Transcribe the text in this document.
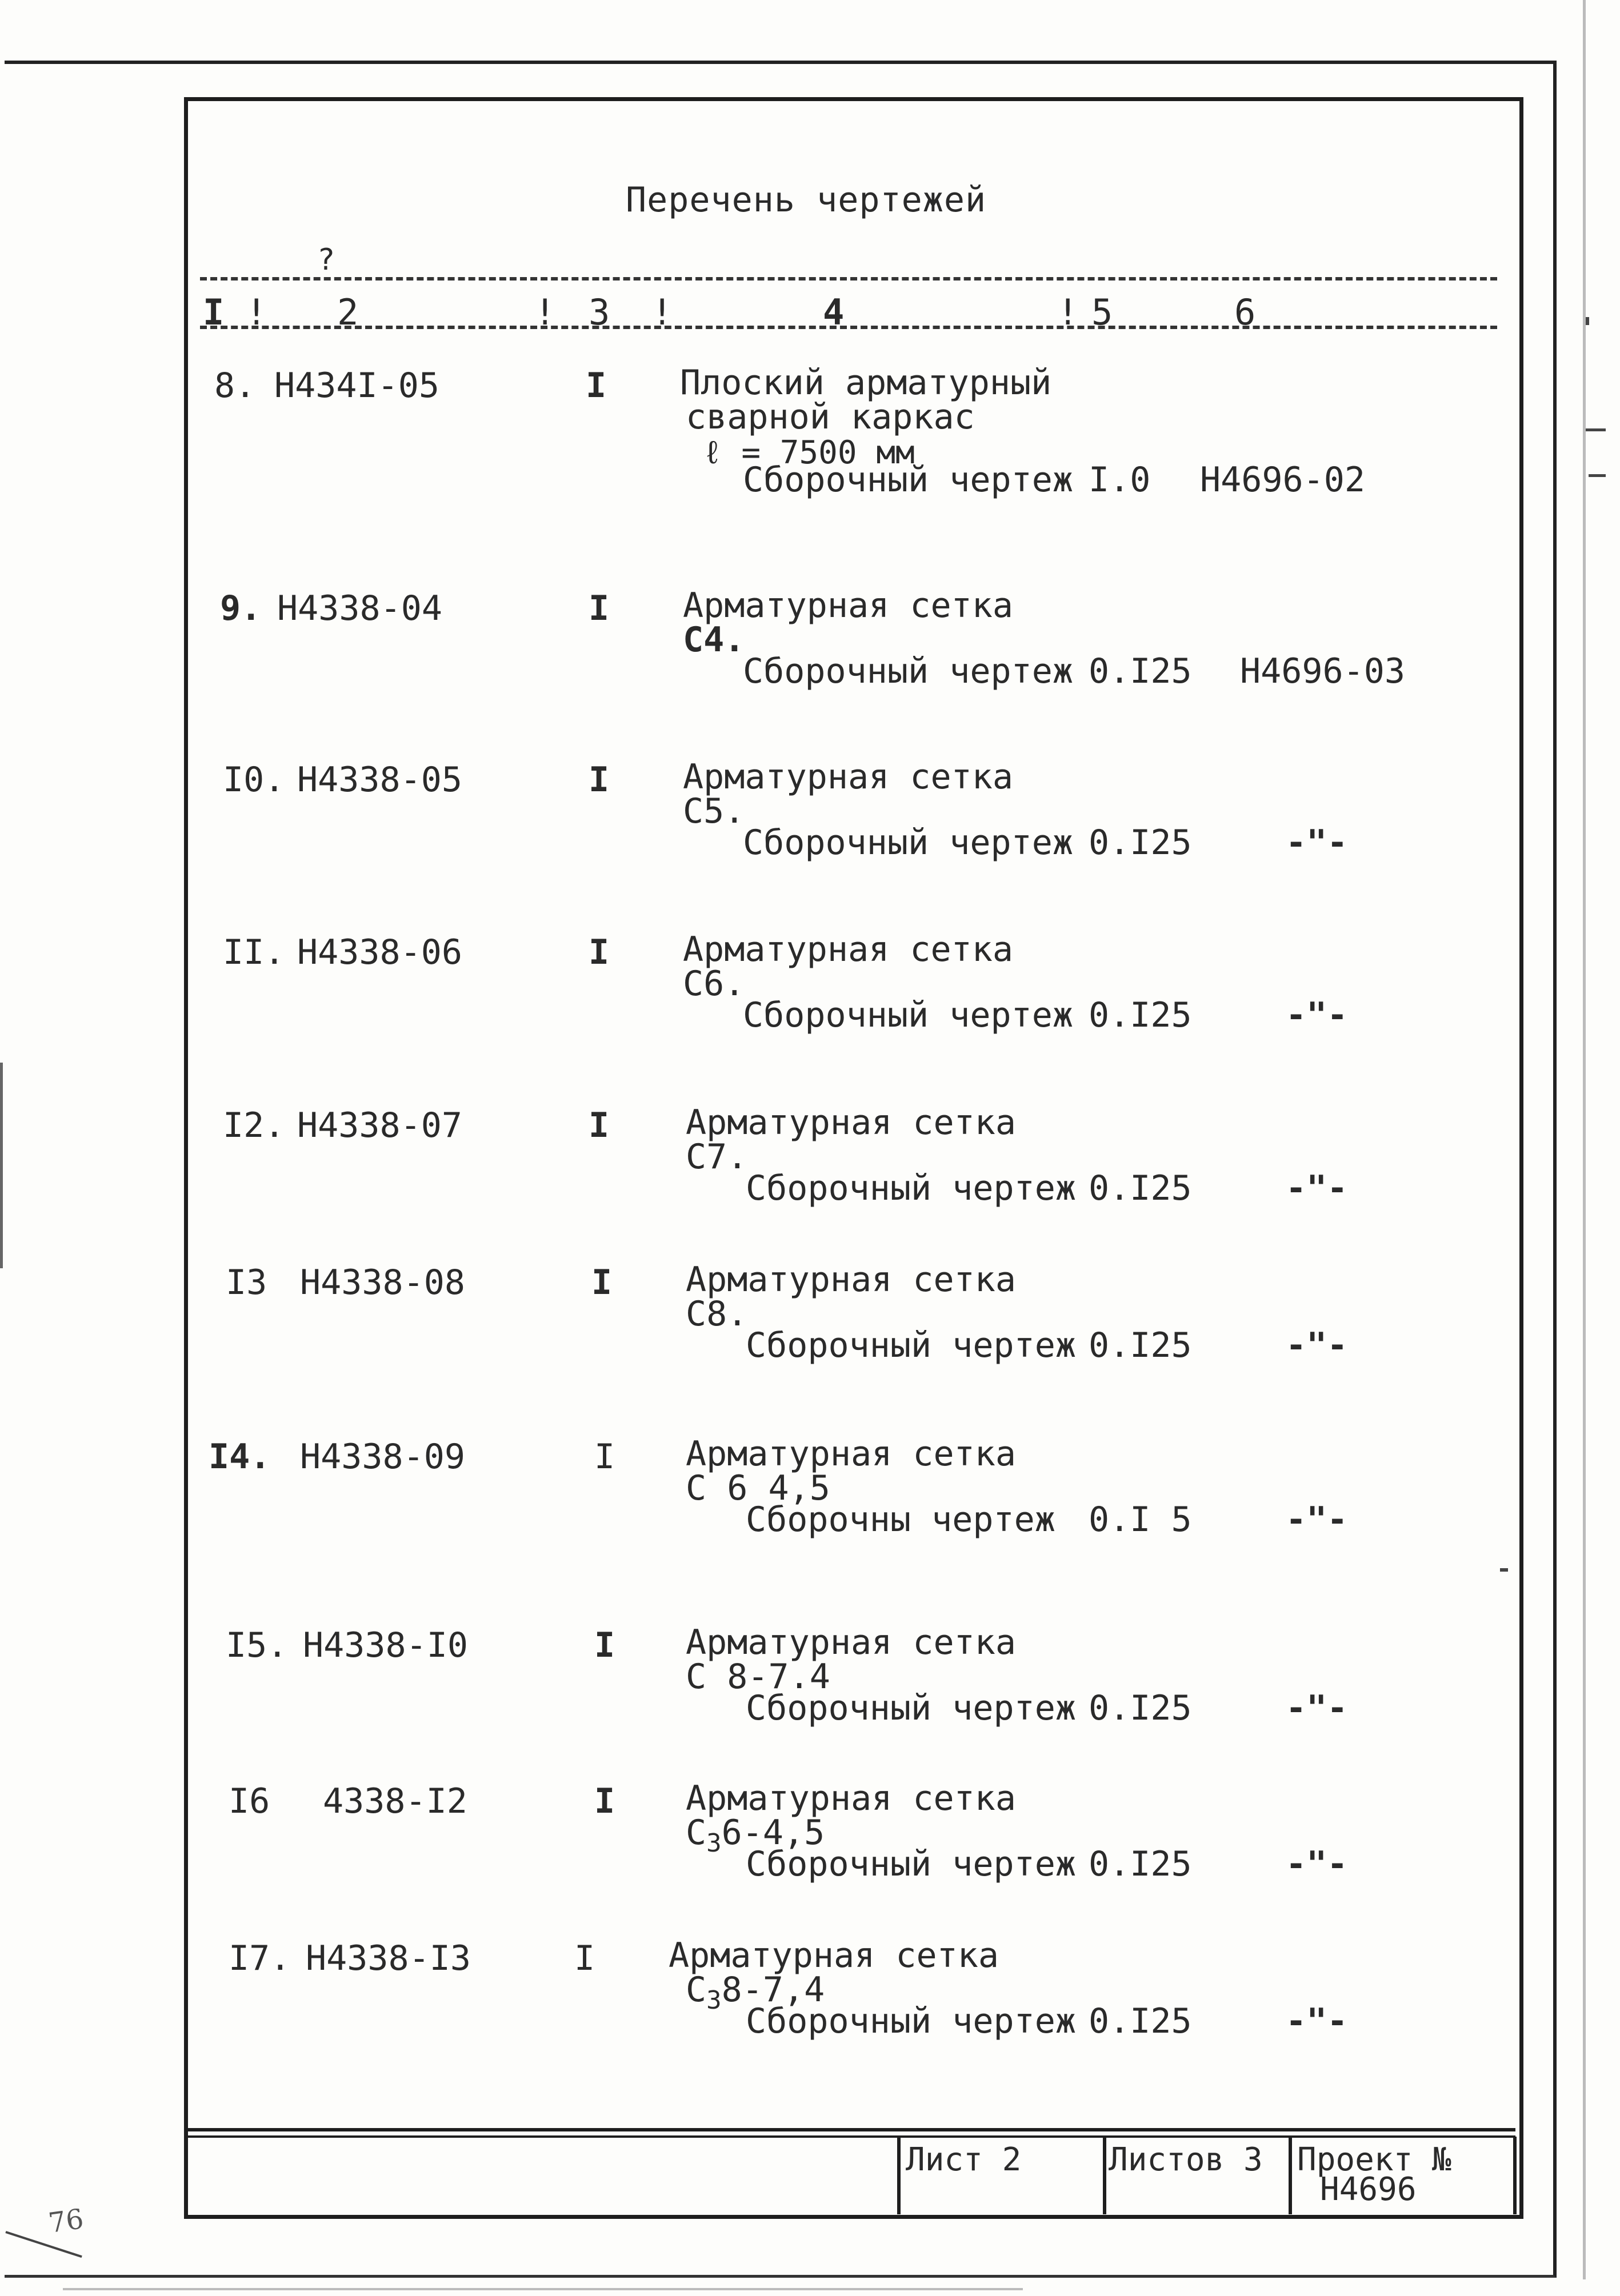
Перечень чертежей
?
I ! 2	! 3 !	4	! 5	6
8. Н434I-05	I Плоский арматурный
сварной каркас
ℓ = 7500 мм
Сборочный чертеж I.0 Н4696-02
9. Н4338-04	I Арматурная сетка
С4.
Сборочный чертеж 0.I25 Н4696-03
I0. Н4338-05	I Арматурная сетка
С5.
Сборочный чертеж 0.I25	-"-
II. Н4338-06	I Арматурная сетка
С6.
Сборочный чертеж 0.I25	-"-
I2. Н4338-07	I Арматурная сетка
С7.
Сборочный чертеж 0.I25	-"-
I3 Н4338-08	I Арматурная сетка
С8.
Сборочный чертеж 0.I25	-"-
I4. Н4338-09	I Арматурная сетка
С 6 4,5
Сборочны чертеж 0.I 5	-"-
I5. Н4338-I0	I Арматурная сетка
С 8-7.4
Сборочный чертеж 0.I25	-"-
I6 4338-I2	I Арматурная сетка
$С_36-4,5$
Сборочный чертеж 0.I25	-"-
I7. Н4338-I3	I Арматурная сетка
$С_38-7,4$
Сборочный чертеж 0.I25	-"-
Лист 2	Листов 3 Проект №
Н4696
76
